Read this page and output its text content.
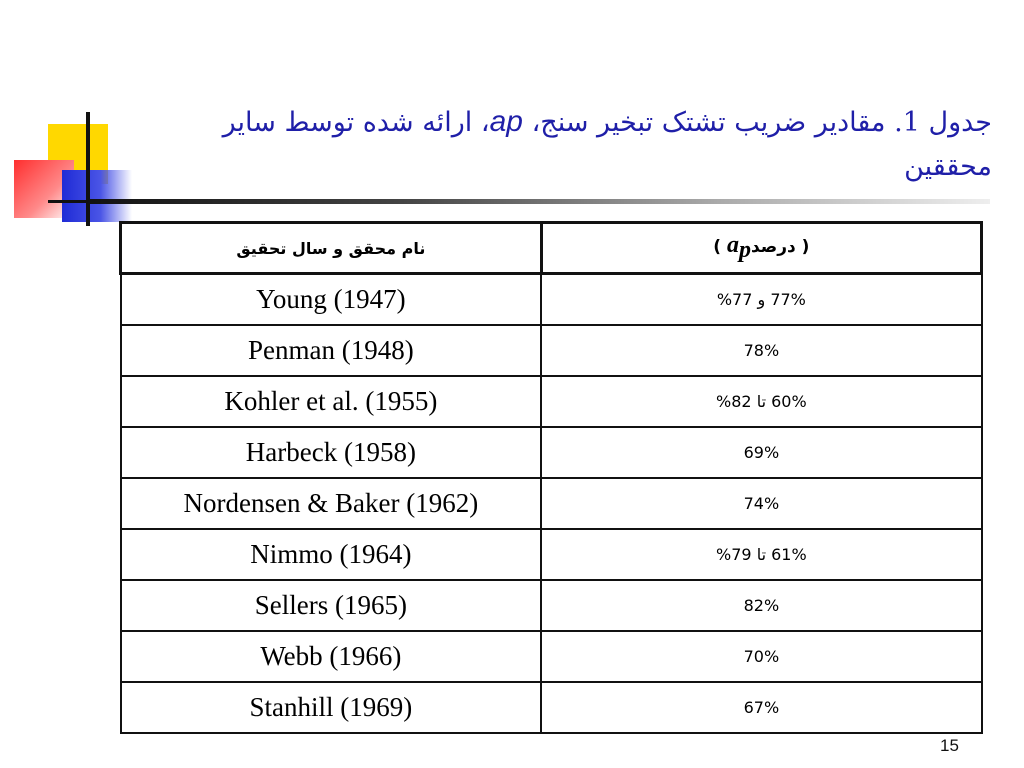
جدول 1. مقادیر ضریب تشتک تبخیر سنج، ap، ارائه شده توسط سایر محققین
نام محقق و سال تحقیق	( $a_pدرصد$ )
Young (1947)	77% و 77%
Penman (1948)	78%
Kohler et al. (1955)	60% تا 82%
Harbeck (1958)	69%
Nordensen & Baker (1962)	74%
Nimmo (1964)	61% تا 79%
Sellers (1965)	82%
Webb (1966)	70%
Stanhill (1969)	67%
15
